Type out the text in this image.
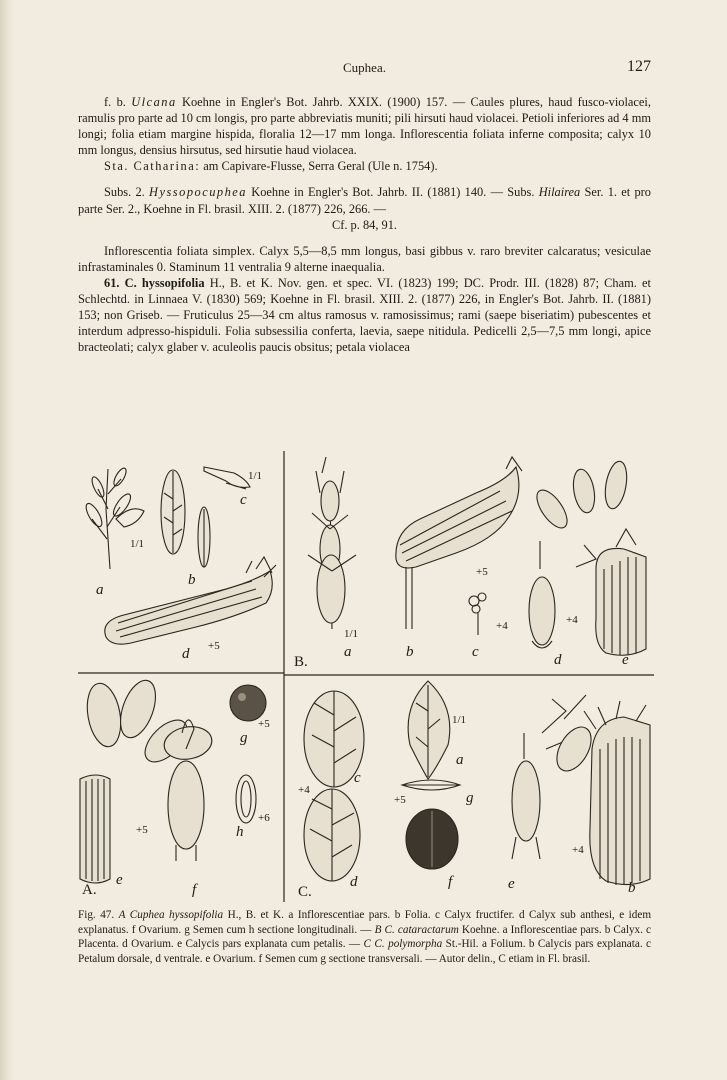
Cuphea.	127

f. b. Ulcana Koehne in Engler's Bot. Jahrb. XXIX. (1900) 157. — Caules plures, haud fusco-violacei, ramulis pro parte ad 10 cm longis, pro parte abbreviatis muniti; pili hirsuti haud violacei. Petioli inferiores ad 4 mm longi; folia etiam margine hispida, floralia 12—17 mm longa. Inflorescentia foliata inferne composita; calyx 10 mm longus, densius hirsutus, sed hirsutie haud violacea.

Sta. Catharina: am Capivare-Flusse, Serra Geral (Ule n. 1754).

Subs. 2. Hyssopocuphea Koehne in Engler's Bot. Jahrb. II. (1881) 140. — Subs. Hilairea Ser. 1. et pro parte Ser. 2., Koehne in Fl. brasil. XIII. 2. (1877) 226, 266. —

Cf. p. 84, 91.

Inflorescentia foliata simplex. Calyx 5,5—8,5 mm longus, basi gibbus v. raro breviter calcaratus; vesiculae infrastaminales 0. Staminum 11 ventralia 9 alterne inaequalia.

61. C. hyssopifolia H., B. et K. Nov. gen. et spec. VI. (1823) 199; DC. Prodr. III. (1828) 87; Cham. et Schlechtd. in Linnaea V. (1830) 569; Koehne in Fl. brasil. XIII. 2. (1877) 226, in Engler's Bot. Jahrb. II. (1881) 153; non Griseb. — Fruticulus 25—34 cm altus ramosus v. ramosissimus; rami (saepe biseriatim) pubescentes et interdum adpresso-hispiduli. Folia subsessilia conferta, laevia, saepe nitidula. Pedicelli 2,5—7,5 mm longi, apice bracteolati; calyx glaber v. aculeolis paucis obsitus; petala violacea

a
b
c
d
e
f
g
h
A.
1/1
1/1
+5
+5
+5
+6
B.
a	b	c	d	e
1/1
+5
+4	+4
a
b
c
d	e
f
g
C.
1/1
+4
+5
+4

Fig. 47. A Cuphea hyssopifolia H., B. et K. a Inflorescentiae pars. b Folia. c Calyx fructifer. d Calyx sub anthesi, e idem explanatus. f Ovarium. g Semen cum h sectione longitudinali. — B C. cataractarum Koehne. a Inflorescentiae pars. b Calyx. c Placenta. d Ovarium. e Calycis pars explanata cum petalis. — C C. polymorpha St.-Hil. a Folium. b Calycis pars explanata. c Petalum dorsale, d ventrale. e Ovarium. f Semen cum g sectione transversali. — Autor delin., C etiam in Fl. brasil.
